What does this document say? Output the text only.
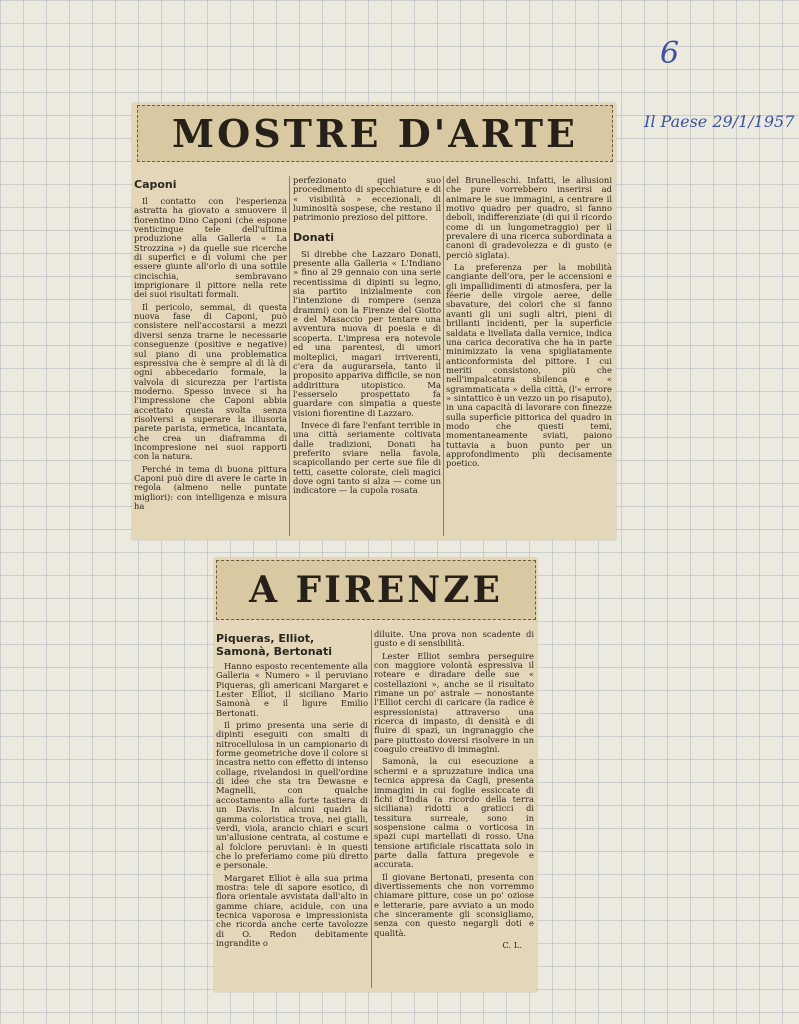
6
Il Paese 29/1/1957
MOSTRE D'ARTE
Caponi

Il contatto con l'esperienza astratta ha giovato a smuovere il fiorentino Dino Caponi (che espone venticinque tele dell'ultima produzione alla Galleria « La Strozzina ») da quelle sue ricerche di superfici e di volumi che per essere giunte all'orlo di una sottile cincischia, sembravano imprigionare il pittore nella rete dei suoi risultati formali.

Il pericolo, semmai, di questa nuova fase di Caponi, può consistere nell'accostarsi a mezzi diversi senza trarne le necessarie conseguenze (positive e negative) sul piano di una problematica espressiva che è sempre al di là di ogni abbecedario formale, la valvola di sicurezza per l'artista moderno. Spesso invece si ha l'impressione che Caponi abbia accettato questa svolta senza risolversi a superare la illusoria parete parista, ermetica, incantata, che crea un diaframma di incompresione nei suoi rapporti con la natura.

Perché in tema di buona pittura Caponi può dire di avere le carte in regola (almeno nelle puntate migliori): con intelligenza e misura ha

perfezionato quel suo procedimento di specchiature e di « visibilità » eccezionali, di luminosità sospese, che restano il patrimonio prezioso del pittore.

Donati

Si direbbe che Lazzaro Donati, presente alla Galleria « L'Indiano » fino al 29 gennaio con una serie recentissima di dipinti su legno, sia partito inizialmente con l'intenzione di rompere (senza drammi) con la Firenze del Giotto e del Masaccio per tentare una avventura nuova di poesia e di scoperta. L'impresa era notevole ed una parentesi, di umori molteplici, magari irriverenti, c'era da augurarsela, tanto il proposito appariva difficile, se non addirittura utopistico. Ma l'esserselo prospettato fa guardare con simpatia a queste visioni fiorentine di Lazzaro.

Invece di fare l'enfant terrible in una città seriamente coltivata dalle tradizioni, Donati ha preferito sviare nella favola, scapicollando per certe sue file di tetti, casette colorate, cieli magici dove ogni tanto si alza — come un indicatore — la cupola rosata

del Brunelleschi. Infatti, le allusioni che pure vorrebbero inserirsi ad animare le sue immagini, a centrare il motivo quadro per quadro, si fanno deboli, indifferenziate (di qui il ricordo come di un lungometraggio) per il prevalere di una ricerca subordinata a canoni di gradevolezza e di gusto (e perciò siglata).

La preferenza per la mobilità cangiante dell'ora, per le accensioni e gli impallidimenti di atmosfera, per la féerie delle virgole aeree, delle sbavature, dei colori che si fanno avanti gli uni sugli altri, pieni di brillanti incidenti, per la superficie saldata e livellata dalla vernice, indica una carica decorativa che ha in parte minimizzato la vena spigliatamente anticonformista del pittore. I cui meriti consistono, più che nell'impalcatura sbilenca e « sgrammaticata » della città, (l'« errore » sintattico è un vezzo un po risaputo), in una capacità di lavorare con finezze sulla superficie pittorica del quadro in modo che questi temi, momentaneamente sviati, paiono tuttavia a buon punto per un approfondimento più decisamente poetico.

A FIRENZE
Piqueras, Elliot,
Samonà, Bertonati

Hanno esposto recentemente alla Galleria « Numero » il peruviano Piqueras, gli americani Margaret e Lester Elliot, il siciliano Mario Samonà e il ligure Emilio Bertonati.

Il primo presenta una serie di dipinti eseguiti con smalti di nitrocellulosa in un campionario di forme geometriche dove il colore si incastra netto con effetto di intenso collage, rivelandosi in quell'ordine di idee che sta tra Dewasne e Magnelli, con qualche accostamento alla forte tastiera di un Davis. In alcuni quadri la gamma coloristica trova, nei gialli, verdi, viola, arancio chiari e scuri un'allusione centrata, al costume e al folclore peruviani: è in questi che lo preferiamo come più diretto e personale.

Margaret Elliot è alla sua prima mostra: tele di sapore esotico, di flora orientale avvistata dall'alto in gamme chiare, acidule, con una tecnica vaporosa e impressionista che ricorda anche certe tavolozze di O. Redon debitamente ingrandite o

diluite. Una prova non scadente di gusto e di sensibilità.

Lester Elliot sembra perseguire con maggiore volontà espressiva il roteare e diradare delle sue « costellazioni », anche se il risultato rimane un po' astrale — nonostante l'Elliot cerchi di caricare (la radice è espressionista) attraverso una ricerca di impasto, di densità e di fluire di spazi, un ingranaggio che pare piuttosto doversi risolvere in un coagulo creativo di immagini.

Samonà, la cui esecuzione a schermi e a spruzzature indica una tecnica appresa da Cagli, presenta immagini in cui foglie essiccate di fichi d'India (a ricordo della terra siciliana) ridotti a graticci di tessitura surreale, sono in sospensione calma o vorticosa in spazi cupi martellati di rosso. Una tensione artificiale riscattata solo in parte dalla fattura pregevole e accurata.

Il giovane Bertonati, presenta con divertissements che non vorremmo chiamare pitture, cose un po' oziose e letterarie, pare avviato a un modo che sinceramente gli sconsigliamo, senza con questo negargli doti e qualità.

C. L.
